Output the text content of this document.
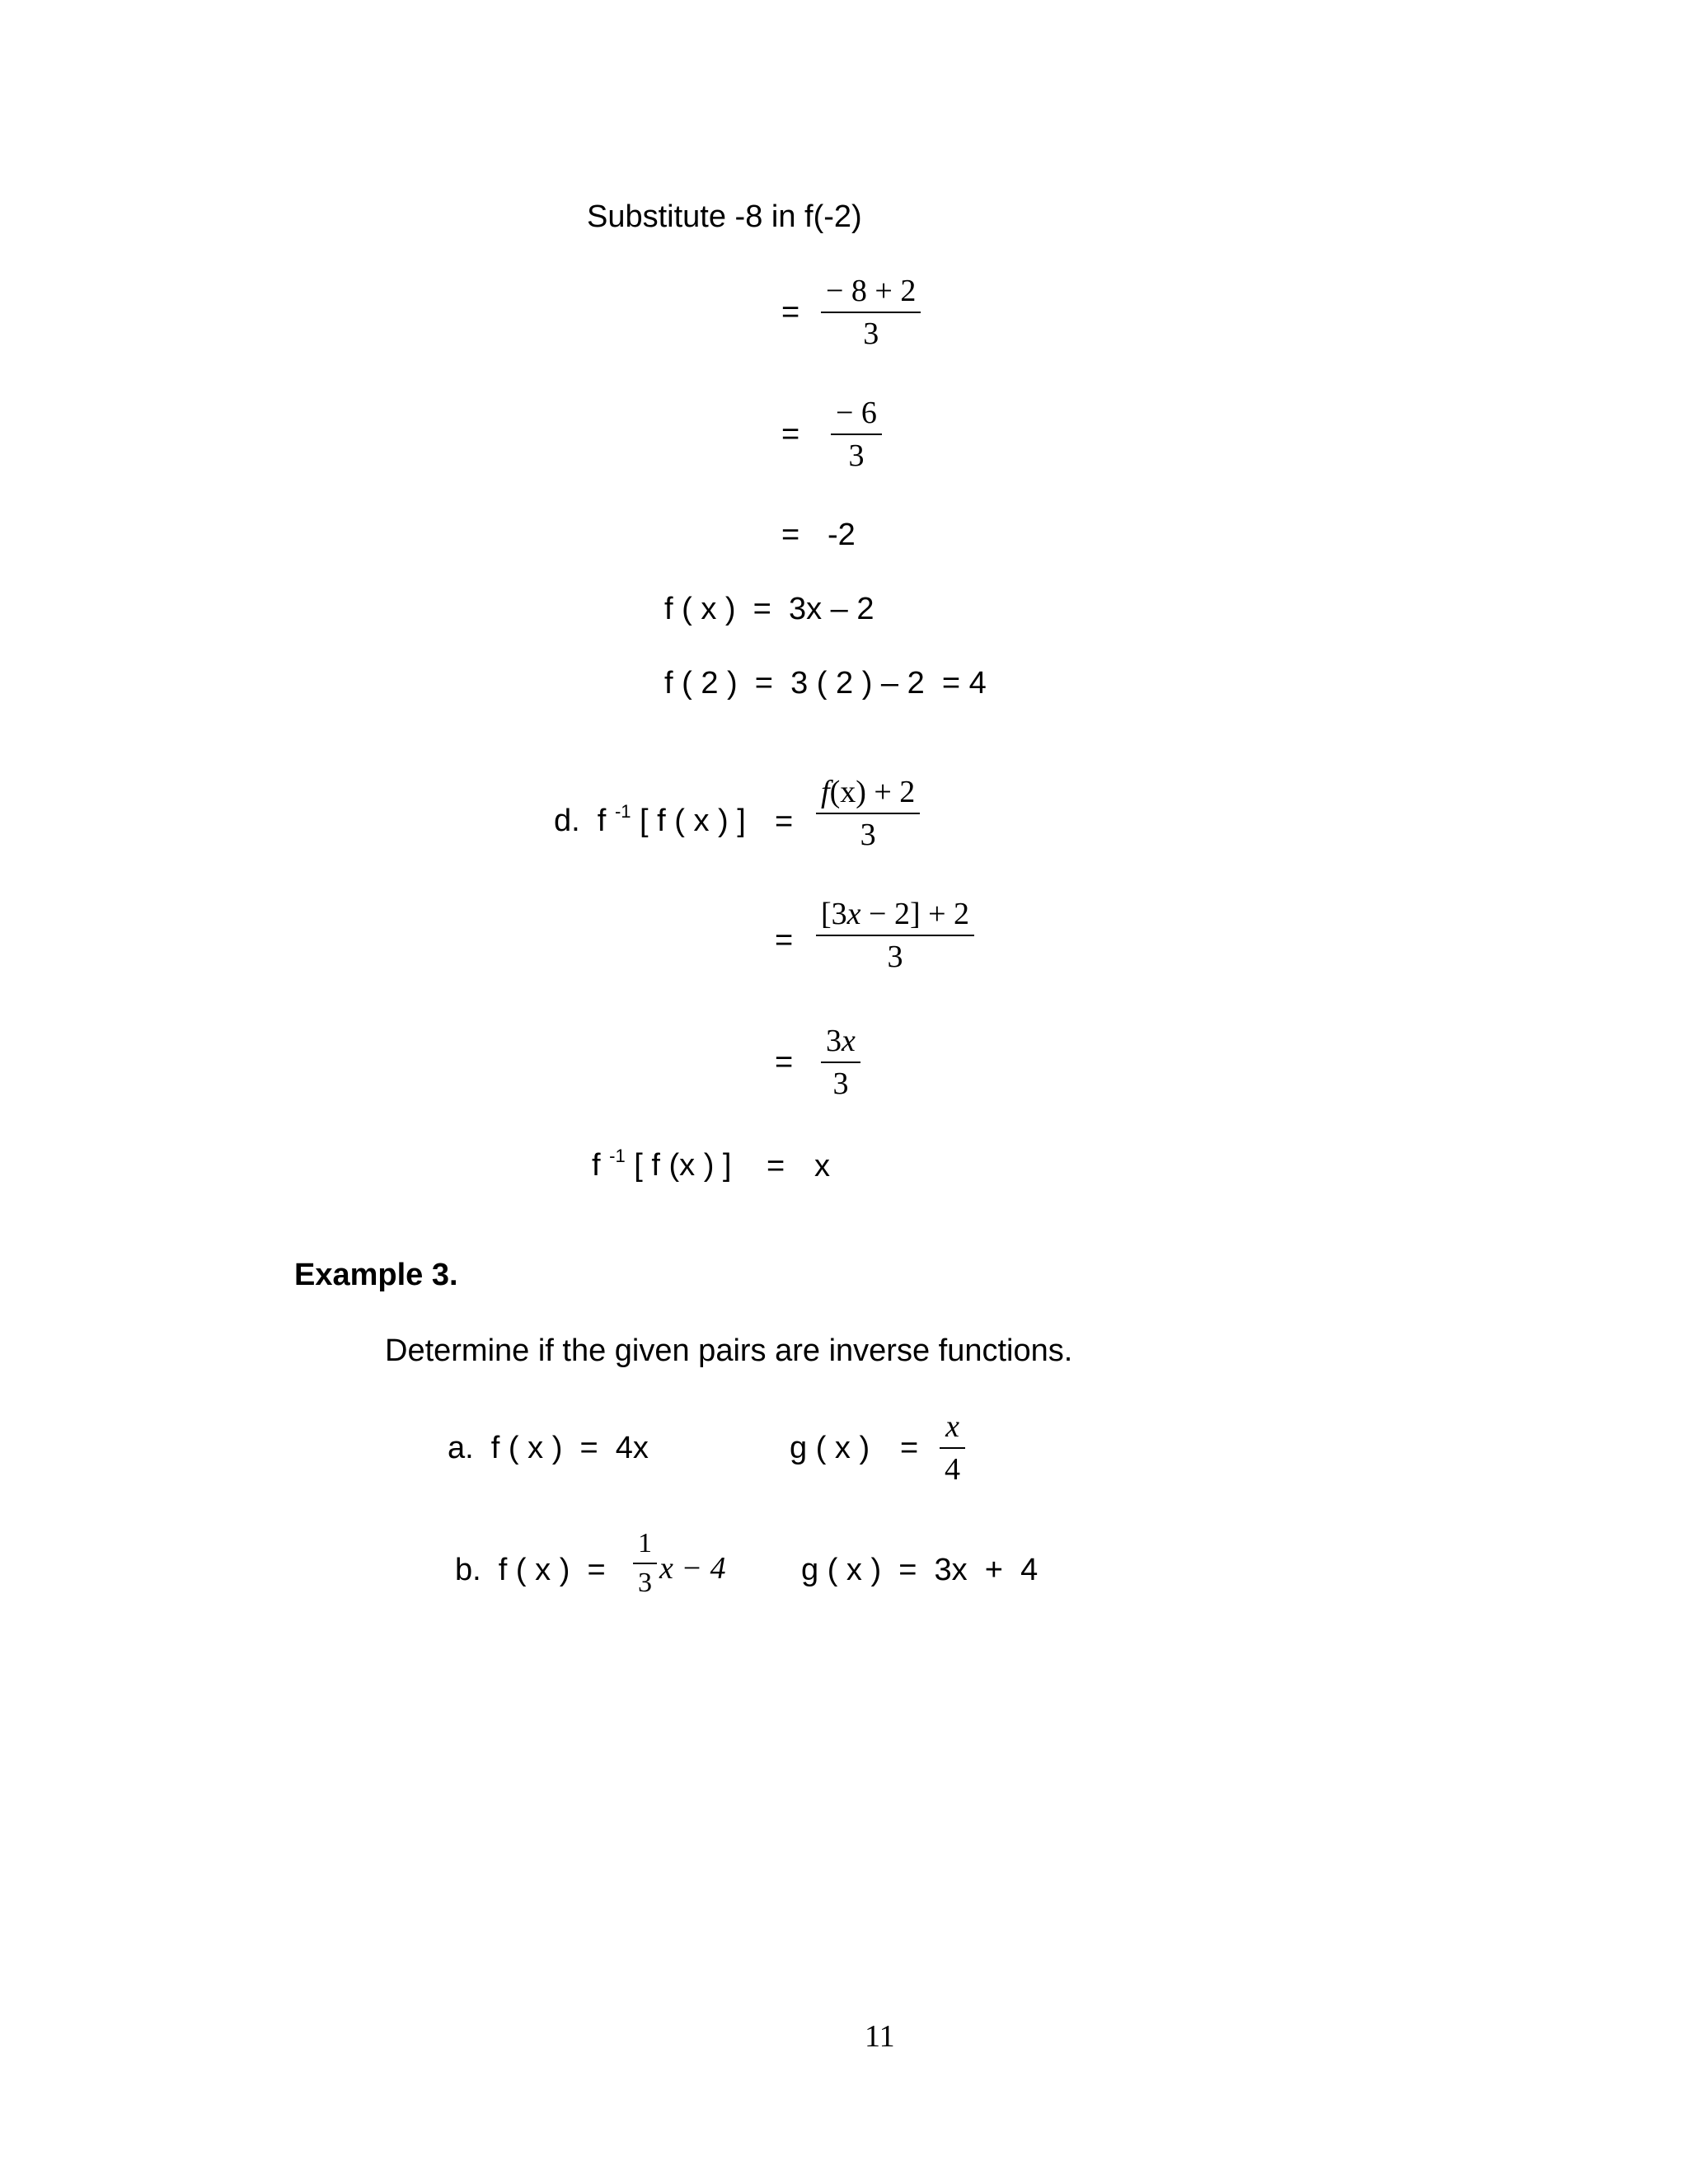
Substitute -8 in f(-2)
=
− 8 + 2
3
=
− 6
3
= -2
f ( x )  =  3x – 2
f ( 2 )  =  3 ( 2 ) – 2  = 4
d.  f $^{-1}$ [ f ( x ) ] =
f(x) + 2
3
=
[3x − 2] + 2
3
=
3x
3
f $^{-1}$ [ f (x ) ] = x
Example 3.
Determine if the given pairs are inverse functions.
a.  f ( x )  =  4x	g ( x ) =
x
4
b.  f ( x )  =
1
3 x − 4 g ( x )  =  3x  +  4
11
